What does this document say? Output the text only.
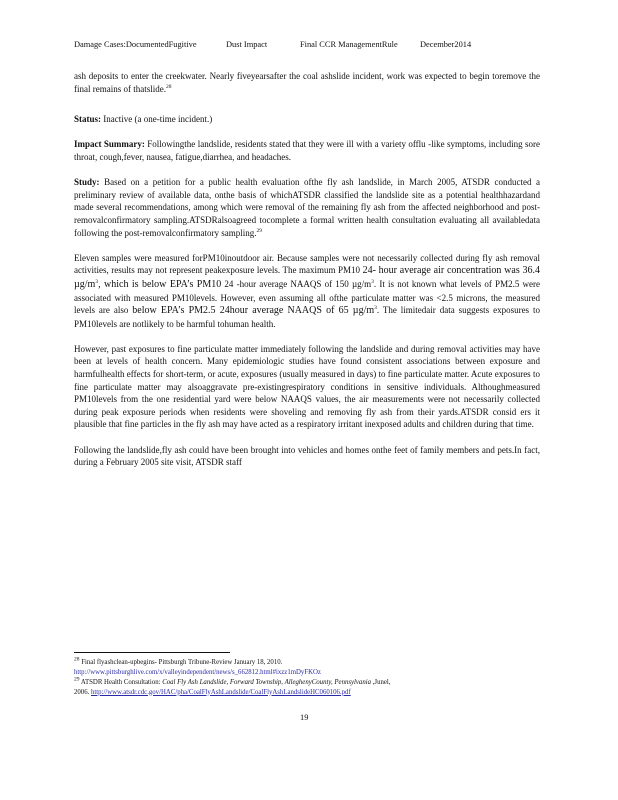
Damage Cases:DocumentedFugitive	Dust Impact	Final CCR ManagementRule	December2014

ash deposits to enter the creekwater. Nearly fiveyearsafter the coal ashslide incident, work was expected to begin toremove the final remains of thatslide.$^{28}$

Status: Inactive (a one-time incident.)

Impact Summary: Followingthe landslide, residents stated that they were ill with a variety offlu -like symptoms, including sore throat, cough,fever, nausea, fatigue,diarrhea, and headaches.

Study: Based on a petition for a public health evaluation ofthe fly ash landslide, in March 2005, ATSDR conducted a preliminary review of available data, onthe basis of whichATSDR classified the landslide site as a potential healthhazardand made several recommendations, among which were removal of the remaining fly ash from the affected neighborhood and post-removalconfirmatory sampling.ATSDRalsoagreed tocomplete a formal written health consultation evaluating all availabledata following the post-removalconfirmatory sampling.$^{29}$

Eleven samples were measured forPM10inoutdoor air. Because samples were not necessarily collected during fly ash removal activities, results may not represent peakexposure levels. The maximum PM10 24- hour average air concentration was 36.4 $\mu g/m^3$, which is below EPA’s PM10 24 -hour average NAAQS of 150 $\mu g/m^3$. It is not known what levels of PM2.5 were associated with measured PM10levels. However, even assuming all ofthe particulate matter was <2.5 microns, the measured levels are also below EPA’s PM2.5 24hour average NAAQS of 65 $\mu g/m^3$. The limitedair data suggests exposures to PM10levels are notlikely to be harmful tohuman health.

However, past exposures to fine particulate matter immediately following the landslide and during removal activities may have been at levels of health concern. Many epidemiologic studies have found consistent associations between exposure and harmfulhealth effects for short-term, or acute, exposures (usually measured in days) to fine particulate matter. Acute exposures to fine particulate matter may alsoaggravate pre-existingrespiratory conditions in sensitive individuals. Althoughmeasured PM10levels from the one residential yard were below NAAQS values, the air measurements were not necessarily collected during peak exposure periods when residents were shoveling and removing fly ash from their yards.ATSDR consid ers it plausible that fine particles in the fly ash may have acted as a respiratory irritant inexposed adults and children during that time.

Following the landslide,fly ash could have been brought into vehicles and homes onthe feet of family members and pets.In fact, during a February 2005 site visit, ATSDR staff

$^{28}$ Final flyashclean-upbegins- Pittsburgh Tribune-Review January 18, 2010.
http://www.pittsburghlive.com/x/valleyindependent/news/s_662812.html#ixzz1mDyFKOz
$^{29}$ ATSDR Health Consultation: Coal Fly Ash Landslide, Forward Township, AlleghenyCounty, Pennsylvania ,Junel,
2006. http://www.atsdr.cdc.gov/HAC/pha/CoalFlyAshLandslide/CoalFlyAshLandslideHC060106.pdf
19
